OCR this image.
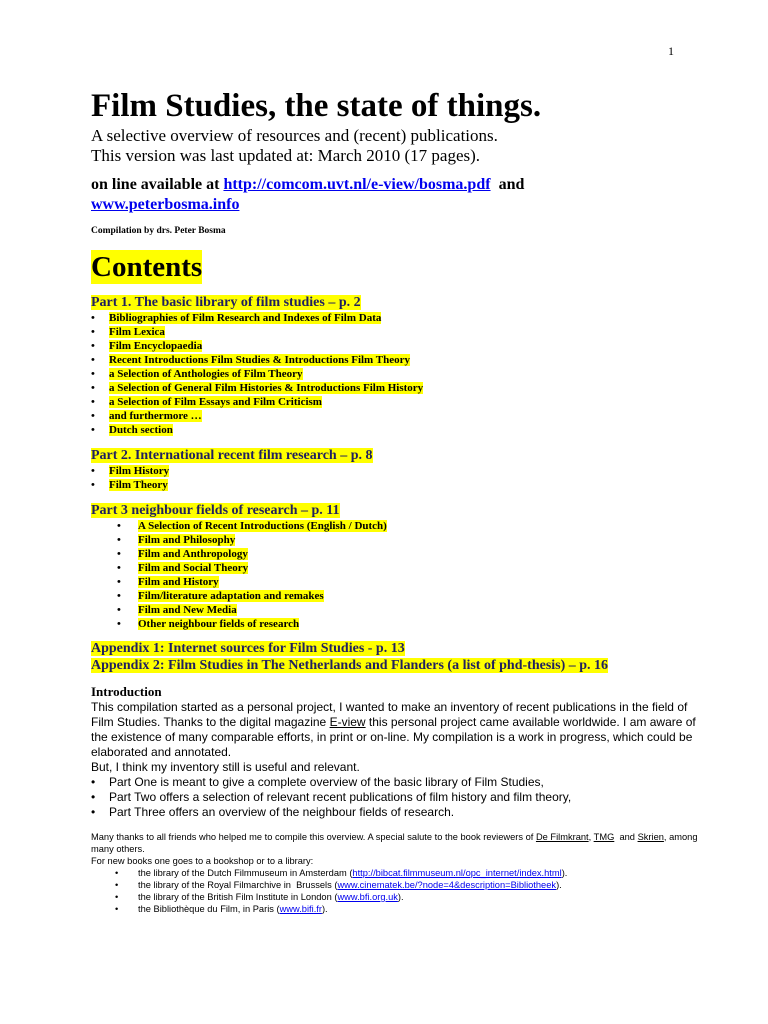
1
Film Studies, the state of things.
A selective overview of resources and (recent) publications.
This version was last updated at: March 2010 (17 pages).
on line available at http://comcom.uvt.nl/e-view/bosma.pdf  and
www.peterbosma.info
Compilation by drs. Peter Bosma
Contents
Part 1. The basic library of film studies – p. 2
• Bibliographies of Film Research and Indexes of Film Data
• Film Lexica
• Film Encyclopaedia
• Recent Introductions Film Studies & Introductions Film Theory
• a Selection of Anthologies of Film Theory
• a Selection of General Film Histories & Introductions Film History
• a Selection of Film Essays and Film Criticism
• and furthermore …
• Dutch section
Part 2. International recent film research – p. 8
• Film History
• Film Theory
Part 3 neighbour fields of research – p. 11
• A Selection of Recent Introductions (English / Dutch)
• Film and Philosophy
• Film and Anthropology
• Film and Social Theory
• Film and History
• Film/literature adaptation and remakes
• Film and New Media
• Other neighbour fields of research
Appendix 1: Internet sources for Film Studies - p. 13
Appendix 2: Film Studies in The Netherlands and Flanders (a list of phd-thesis) – p. 16
Introduction
This compilation started as a personal project, I wanted to make an inventory of recent publications in the field of Film Studies. Thanks to the digital magazine E-view this personal project came available worldwide. I am aware of the existence of many comparable efforts, in print or on-line. My compilation is a work in progress, which could be elaborated and annotated.
But, I think my inventory still is useful and relevant.
• Part One is meant to give a complete overview of the basic library of Film Studies,
• Part Two offers a selection of relevant recent publications of film history and film theory,
• Part Three offers an overview of the neighbour fields of research.
Many thanks to all friends who helped me to compile this overview. A special salute to the book reviewers of De Filmkrant, TMG  and Skrien, among many others.
For new books one goes to a bookshop or to a library:
• the library of the Dutch Filmmuseum in Amsterdam (http://bibcat.filmmuseum.nl/opc_internet/index.html).
• the library of the Royal Filmarchive in  Brussels (www.cinematek.be/?node=4&description=Bibliotheek).
• the library of the British Film Institute in London (www.bfi.org.uk).
• the Bibliothèque du Film, in Paris (www.bifi.fr).
